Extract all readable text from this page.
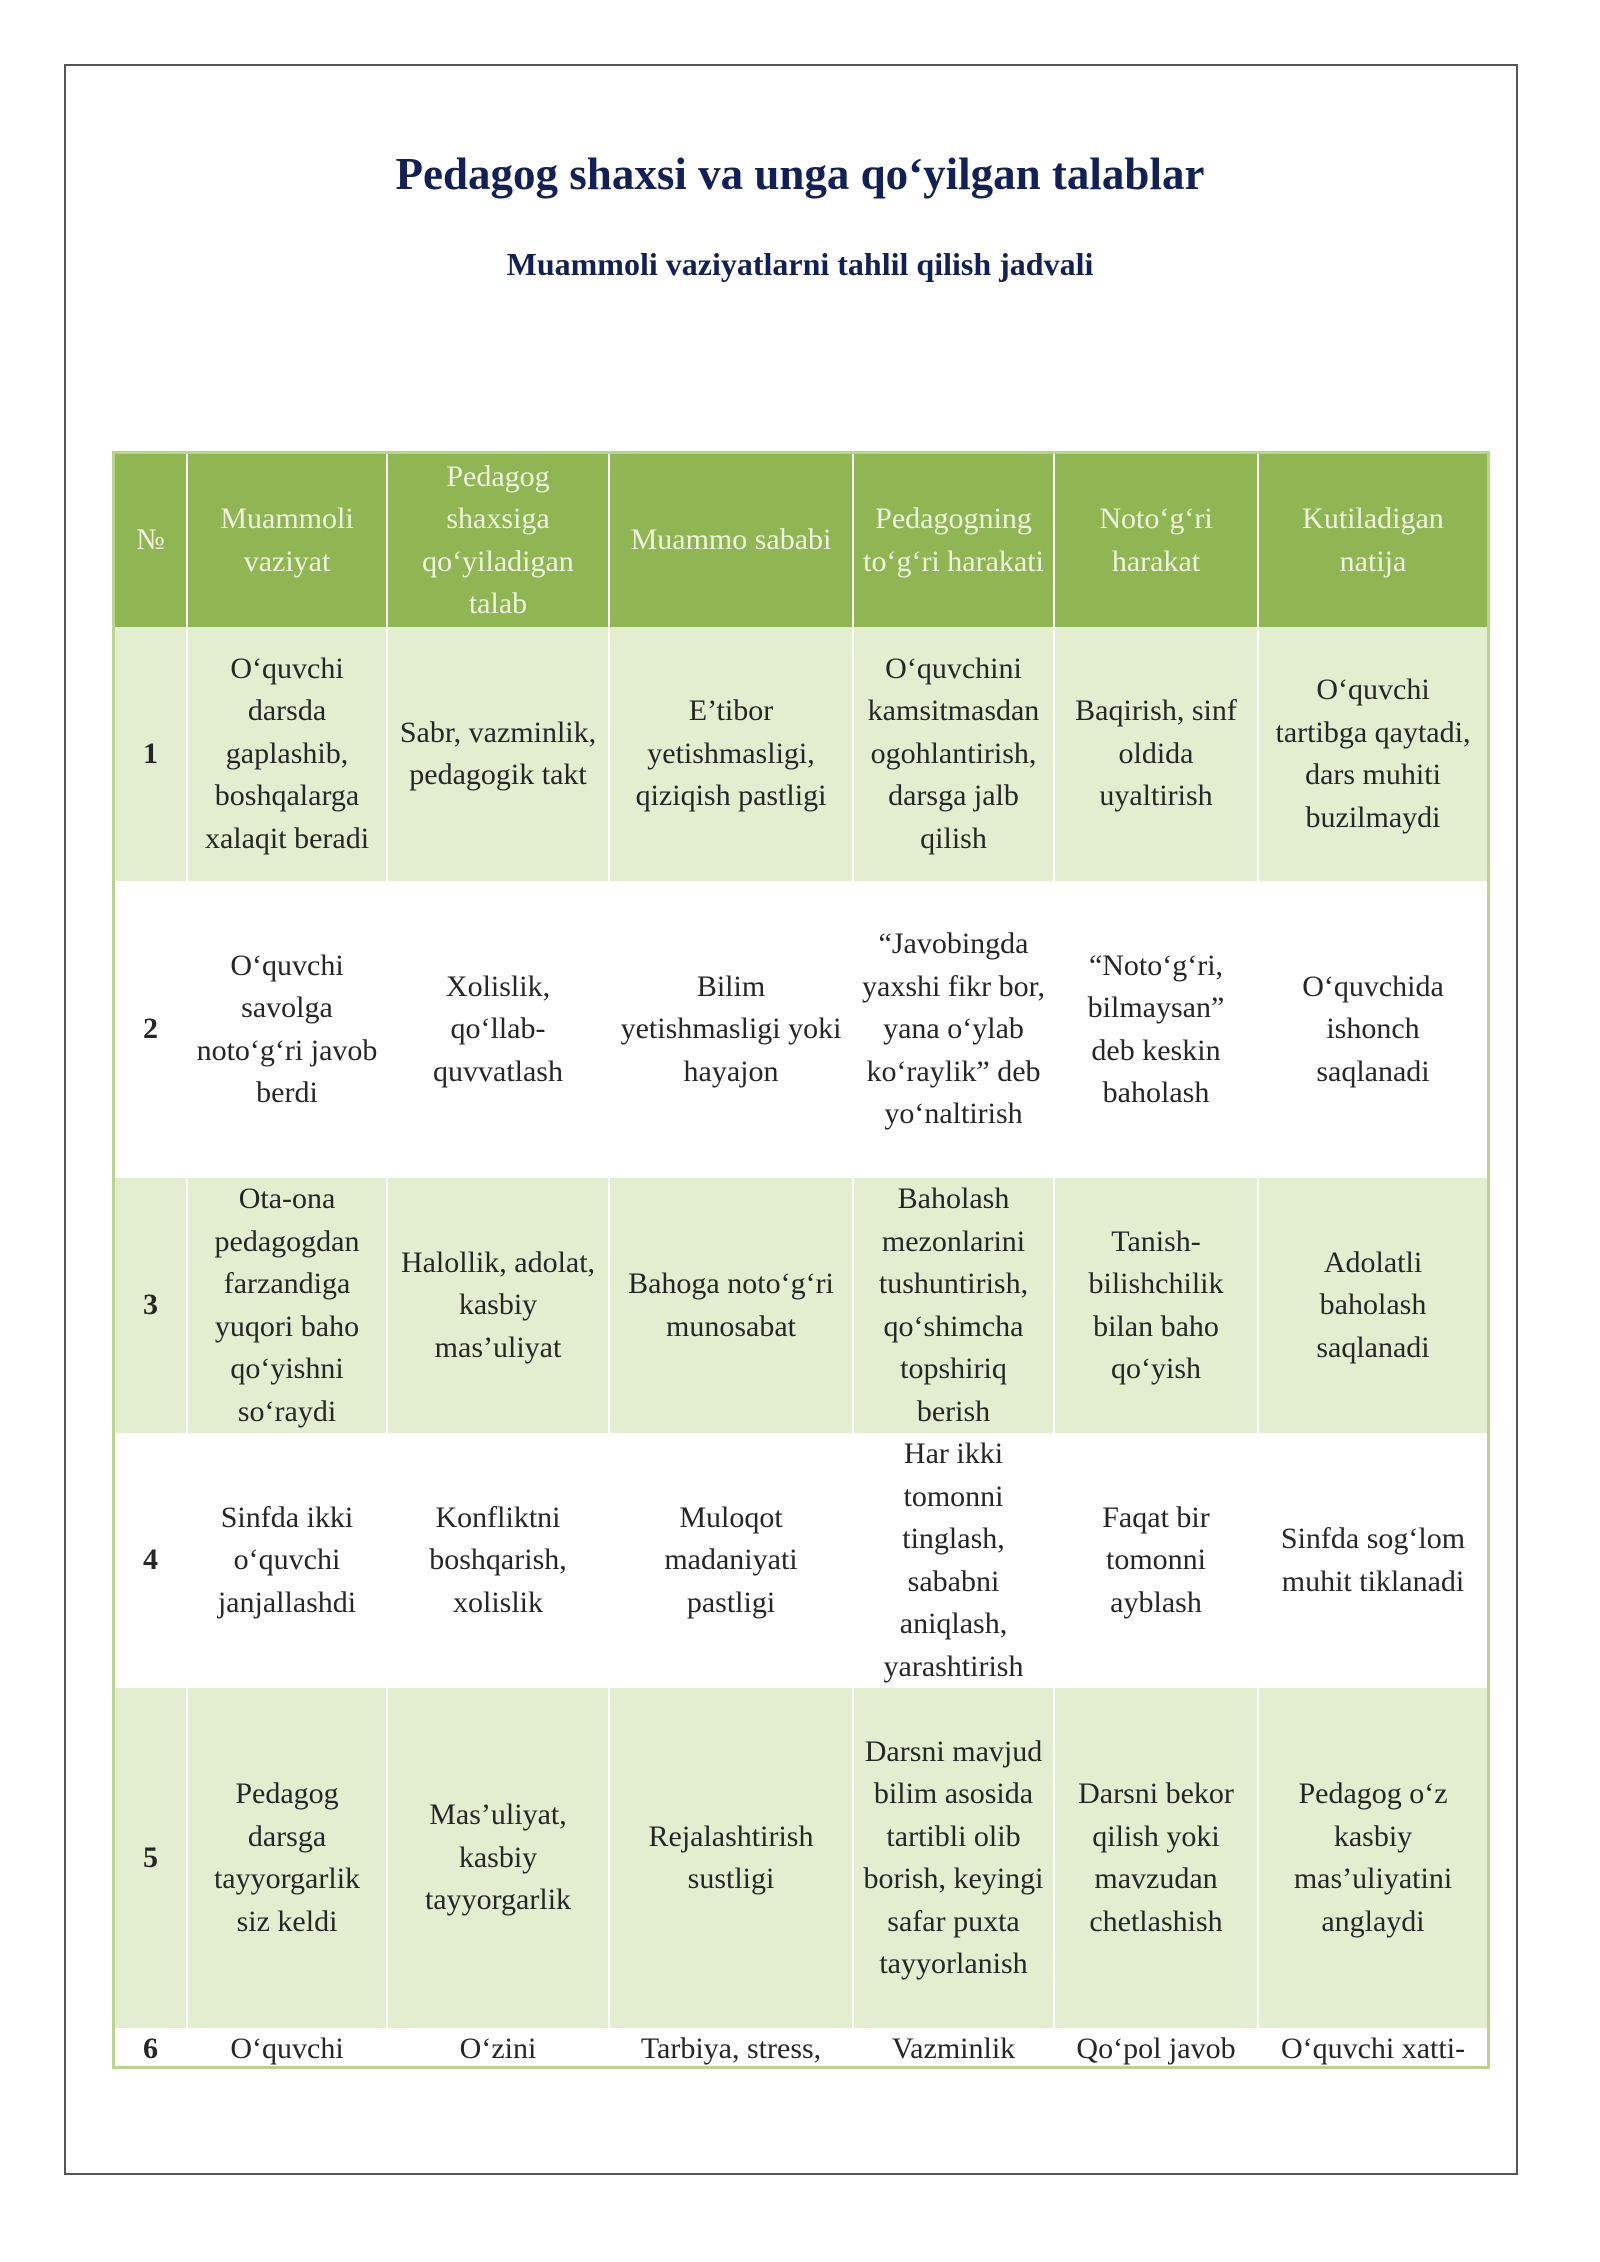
Pedagog shaxsi va unga qo‘yilgan talablar
Muammoli vaziyatlarni tahlil qilish jadvali
№	Muammoli vaziyat	Pedagog shaxsiga qo‘yiladigan talab	Muammo sababi	Pedagogning to‘g‘ri harakati	Noto‘g‘ri harakat	Kutiladigan natija
1	O‘quvchi darsda gaplashib, boshqalarga xalaqit beradi	Sabr, vazminlik, pedagogik takt	E’tibor yetishmasligi, qiziqish pastligi	O‘quvchini kamsitmasdan ogohlantirish, darsga jalb qilish	Baqirish, sinf oldida uyaltirish	O‘quvchi tartibga qaytadi, dars muhiti buzilmaydi
2	O‘quvchi savolga noto‘g‘ri javob berdi	Xolislik, qo‘llab-quvvatlash	Bilim yetishmasligi yoki hayajon	“Javobingda yaxshi fikr bor, yana o‘ylab ko‘raylik” deb yo‘naltirish	“Noto‘g‘ri, bilmaysan” deb keskin baholash	O‘quvchida ishonch saqlanadi
3	Ota-ona pedagogdan farzandiga yuqori baho qo‘yishni so‘raydi	Halollik, adolat, kasbiy mas’uliyat	Bahoga noto‘g‘ri munosabat	Baholash mezonlarini tushuntirish, qo‘shimcha topshiriq berish	Tanish-bilishchilik bilan baho qo‘yish	Adolatli baholash saqlanadi
4	Sinfda ikki o‘quvchi janjallashdi	Konfliktni boshqarish, xolislik	Muloqot madaniyati pastligi	Har ikki tomonni tinglash, sababni aniqlash, yarashtirish	Faqat bir tomonni ayblash	Sinfda sog‘lom muhit tiklanadi
5	Pedagog darsga tayyorgarlik siz keldi	Mas’uliyat, kasbiy tayyorgarlik	Rejalashtirish sustligi	Darsni mavjud bilim asosida tartibli olib borish, keyingi safar puxta tayyorlanish	Darsni bekor qilish yoki mavzudan chetlashish	Pedagog o‘z kasbiy mas’uliyatini anglaydi
6	O‘quvchi	O‘zini	Tarbiya, stress,	Vazminlik	Qo‘pol javob	O‘quvchi xatti-
